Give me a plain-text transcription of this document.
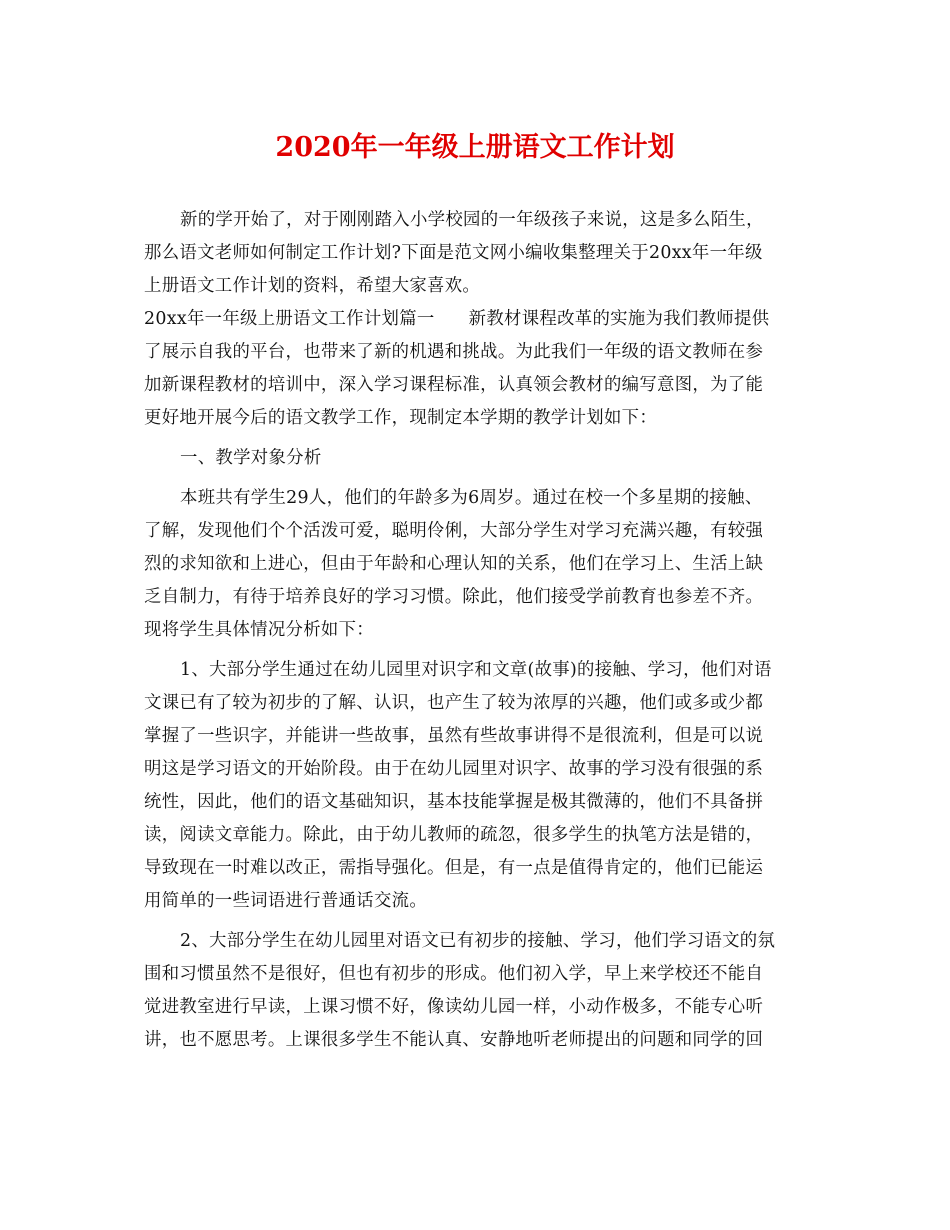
2020年一年级上册语文工作计划
新的学开始了，对于刚刚踏入小学校园的一年级孩子来说，这是多么陌生，
那么语文老师如何制定工作计划?下面是范文网小编收集整理关于20xx年一年级
上册语文工作计划的资料，希望大家喜欢。
20xx年一年级上册语文工作计划篇一 新教材课程改革的实施为我们教师提供
了展示自我的平台，也带来了新的机遇和挑战。为此我们一年级的语文教师在参
加新课程教材的培训中，深入学习课程标准，认真领会教材的编写意图，为了能
更好地开展今后的语文教学工作，现制定本学期的教学计划如下：
一、教学对象分析
本班共有学生29人，他们的年龄多为6周岁。通过在校一个多星期的接触、
了解，发现他们个个活泼可爱，聪明伶俐，大部分学生对学习充满兴趣，有较强
烈的求知欲和上进心，但由于年龄和心理认知的关系，他们在学习上、生活上缺
乏自制力，有待于培养良好的学习习惯。除此，他们接受学前教育也参差不齐。
现将学生具体情况分析如下：
1、大部分学生通过在幼儿园里对识字和文章(故事)的接触、学习，他们对语
文课已有了较为初步的了解、认识，也产生了较为浓厚的兴趣，他们或多或少都
掌握了一些识字，并能讲一些故事，虽然有些故事讲得不是很流利，但是可以说
明这是学习语文的开始阶段。由于在幼儿园里对识字、故事的学习没有很强的系
统性，因此，他们的语文基础知识，基本技能掌握是极其微薄的，他们不具备拼
读，阅读文章能力。除此，由于幼儿教师的疏忽，很多学生的执笔方法是错的，
导致现在一时难以改正，需指导强化。但是，有一点是值得肯定的，他们已能运
用简单的一些词语进行普通话交流。
2、大部分学生在幼儿园里对语文已有初步的接触、学习，他们学习语文的氛
围和习惯虽然不是很好，但也有初步的形成。他们初入学，早上来学校还不能自
觉进教室进行早读，上课习惯不好，像读幼儿园一样，小动作极多，不能专心听
讲，也不愿思考。上课很多学生不能认真、安静地听老师提出的问题和同学的回
